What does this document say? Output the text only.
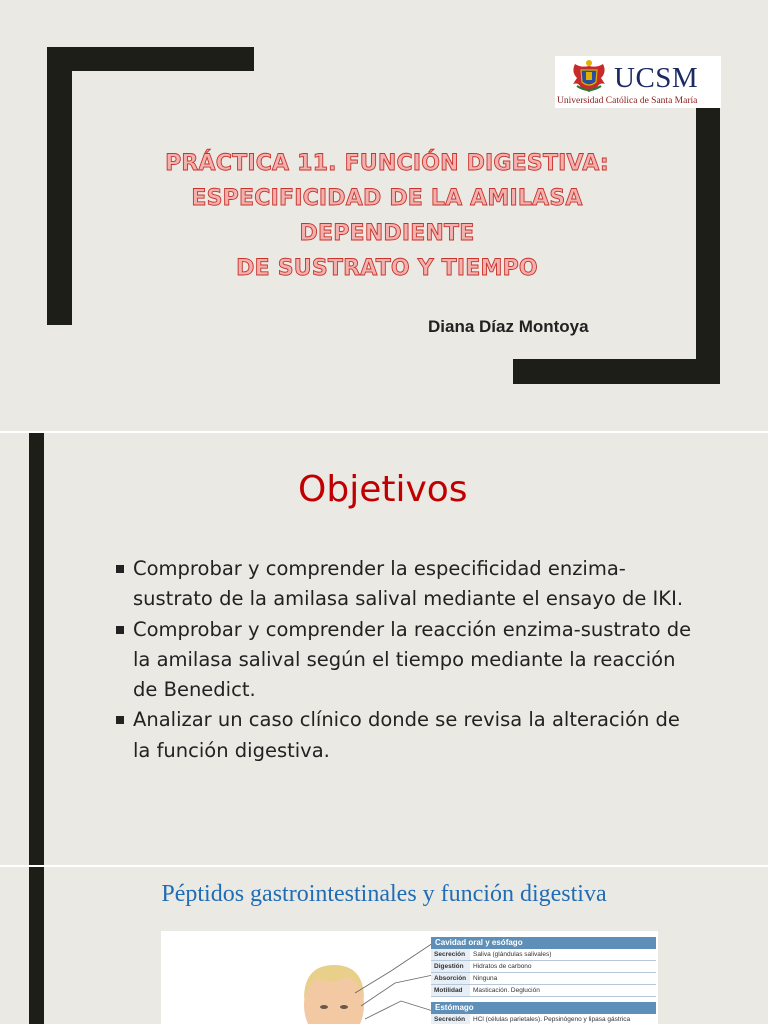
UCSM
Universidad Católica de Santa María
PRÁCTICA 11. FUNCIÓN DIGESTIVA:
ESPECIFICIDAD DE LA AMILASA DEPENDIENTE
DE SUSTRATO Y TIEMPO
Diana Díaz Montoya
Objetivos
Comprobar y comprender la especificidad enzima-sustrato de la amilasa salival mediante el ensayo de IKI.
Comprobar y comprender la reacción enzima-sustrato de la amilasa salival según el tiempo mediante la reacción de Benedict.
Analizar un caso clínico donde se revisa la alteración de la función digestiva.
Péptidos gastrointestinales y función digestiva
Cavidad oral y esófago
Secreción	Saliva (glándulas salivales)
Digestión	Hidratos de carbono
Absorción	Ninguna
Motilidad	Masticación. Deglución
Estómago
Secreción	HCl (células parietales). Pepsinógeno y lipasa gástrica
